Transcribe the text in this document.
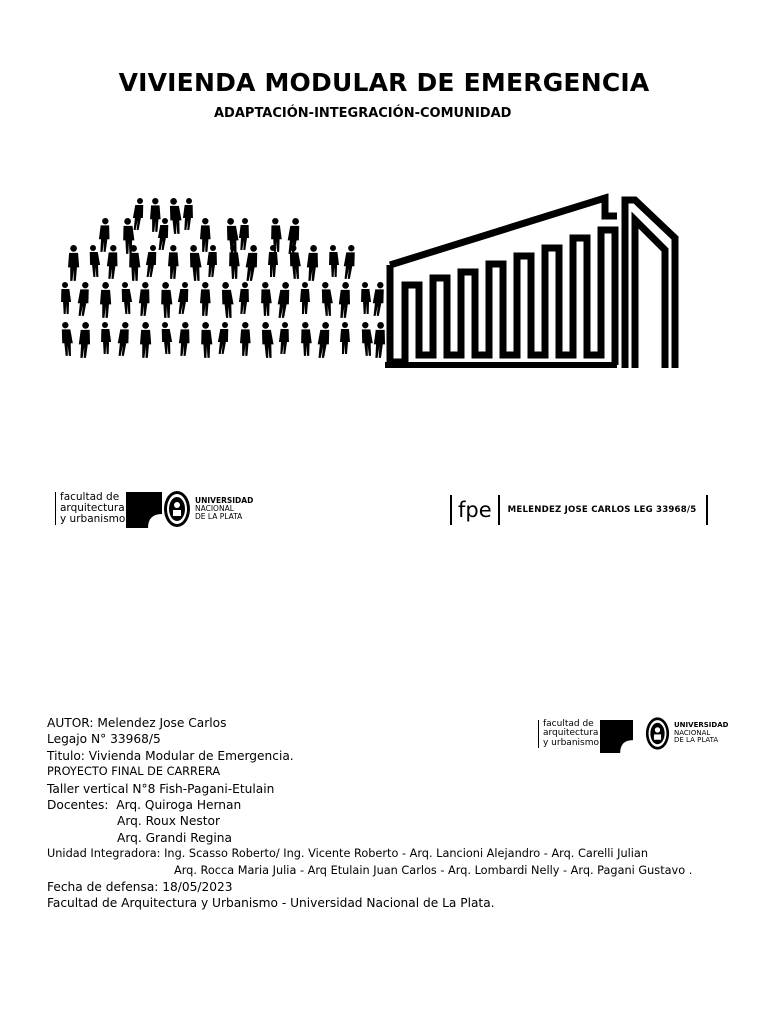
VIVIENDA MODULAR DE EMERGENCIA
ADAPTACIÓN-INTEGRACIÓN-COMUNIDAD
facultad de
arquitectura
y urbanismo
UNIVERSIDAD
NACIONAL
DE LA PLATA	fpe MELENDEZ JOSE CARLOS LEG 33968/5
facultad de
arquitectura
y urbanismo
UNIVERSIDAD
NACIONAL
DE LA PLATA
AUTOR: Melendez Jose Carlos
Legajo N° 33968/5
Titulo: Vivienda Modular de Emergencia.
PROYECTO FINAL DE CARRERA
Taller vertical N°8 Fish-Pagani-Etulain
Docentes: Arq. Quiroga Hernan
Arq. Roux Nestor
Arq. Grandi Regina
Unidad Integradora: Ing. Scasso Roberto/ Ing. Vicente Roberto - Arq. Lancioni Alejandro - Arq. Carelli Julian
Arq. Rocca Maria Julia - Arq Etulain Juan Carlos - Arq. Lombardi Nelly - Arq. Pagani Gustavo .
Fecha de defensa: 18/05/2023
Facultad de Arquitectura y Urbanismo - Universidad Nacional de La Plata.
